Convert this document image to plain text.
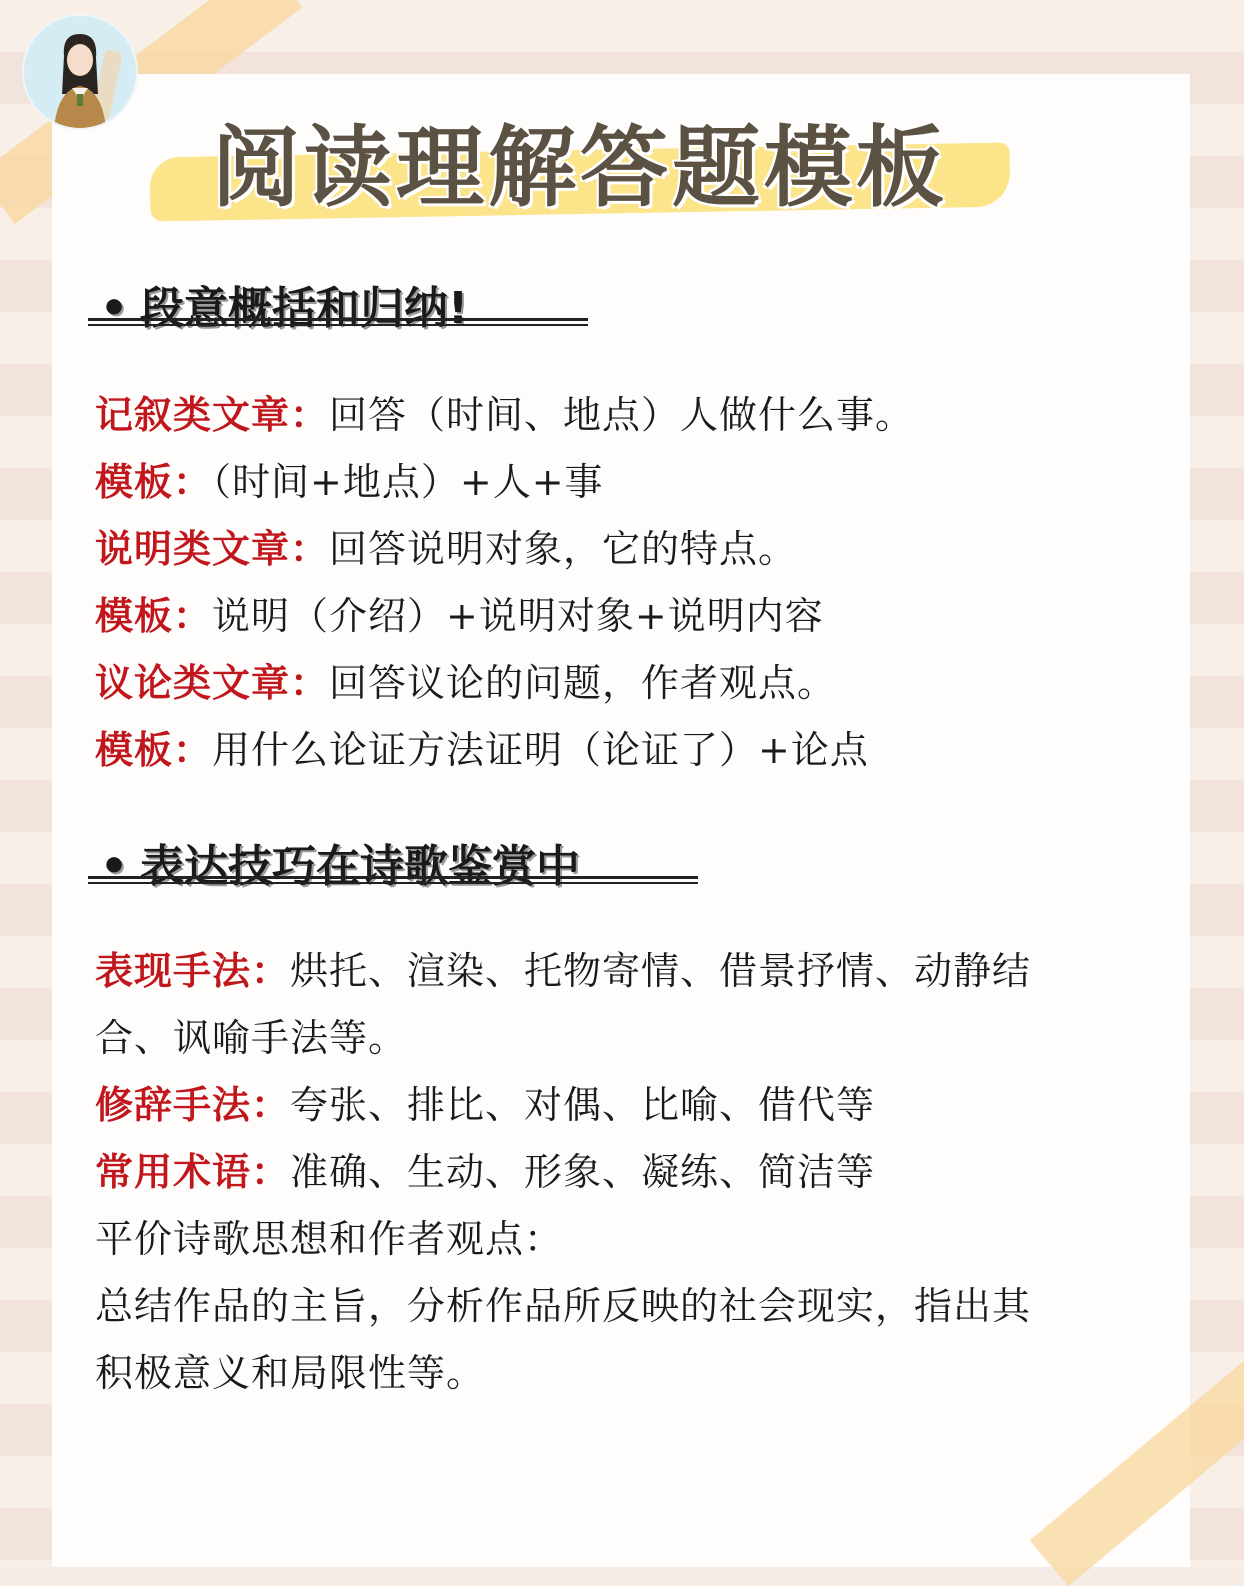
阅读理解答题模板
• 段意概括和归纳!
记叙类文章：回答（时间、地点）人做什么事。
模板：（时间+地点）+人+事
说明类文章：回答说明对象，它的特点。
模板：说明（介绍）+说明对象+说明内容
议论类文章：回答议论的问题，作者观点。
模板：用什么论证方法证明（论证了）+论点
• 表达技巧在诗歌鉴赏中
表现手法：烘托、渲染、托物寄情、借景抒情、动静结
合、讽喻手法等。
修辞手法：夸张、排比、对偶、比喻、借代等
常用术语：准确、生动、形象、凝练、简洁等
平价诗歌思想和作者观点：
总结作品的主旨，分析作品所反映的社会现实，指出其
积极意义和局限性等。
